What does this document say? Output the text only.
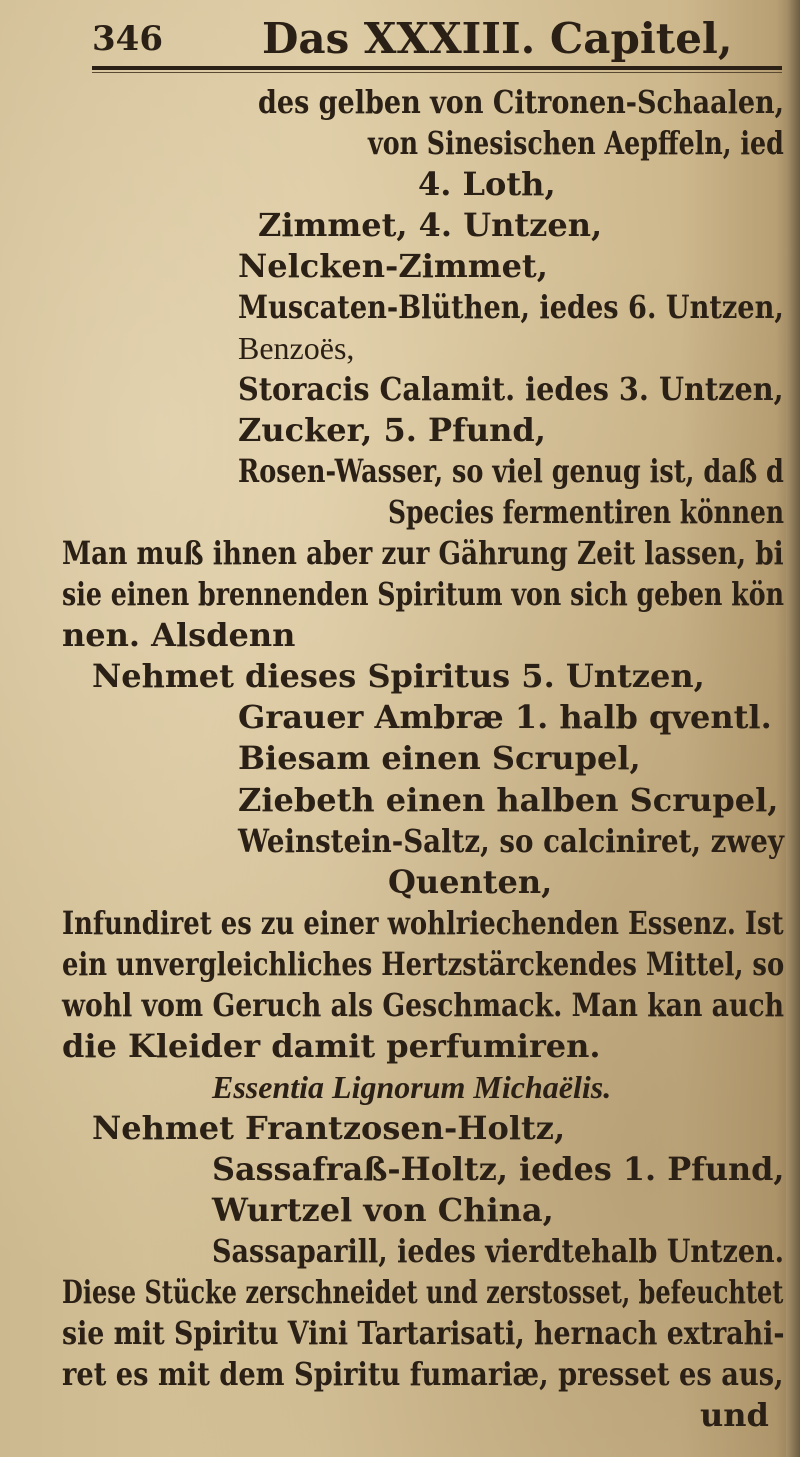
346 Das XXXIII. Capitel,
des gelben von Citronen-Schaalen,
von Sinesischen Aepffeln, ied
4. Loth,
Zimmet, 4. Untzen,
Nelcken-Zimmet,
Muscaten-Blüthen, iedes 6. Untzen,
Benzoës,
Storacis Calamit. iedes 3. Untzen,
Zucker, 5. Pfund,
Rosen-Wasser, so viel genug ist, daß d
Species fermentiren können
Man muß ihnen aber zur Gährung Zeit lassen, bi
sie einen brennenden Spiritum von sich geben kön
nen. Alsdenn
Nehmet dieses Spiritus 5. Untzen,
Grauer Ambræ 1. halb qventl.
Biesam einen Scrupel,
Ziebeth einen halben Scrupel,
Weinstein-Saltz, so calciniret, zwey
Quenten,
Infundiret es zu einer wohlriechenden Essenz. Ist
ein unvergleichliches Hertzstärckendes Mittel, so
wohl vom Geruch als Geschmack. Man kan auch
die Kleider damit perfumiren.
Essentia Lignorum Michaëlis.
Nehmet Frantzosen-Holtz,
Sassafraß-Holtz, iedes 1. Pfund,
Wurtzel von China,
Sassaparill, iedes vierdtehalb Untzen.
Diese Stücke zerschneidet und zerstosset, befeuchtet
sie mit Spiritu Vini Tartarisati, hernach extrahi-
ret es mit dem Spiritu fumariæ, presset es aus,
und
